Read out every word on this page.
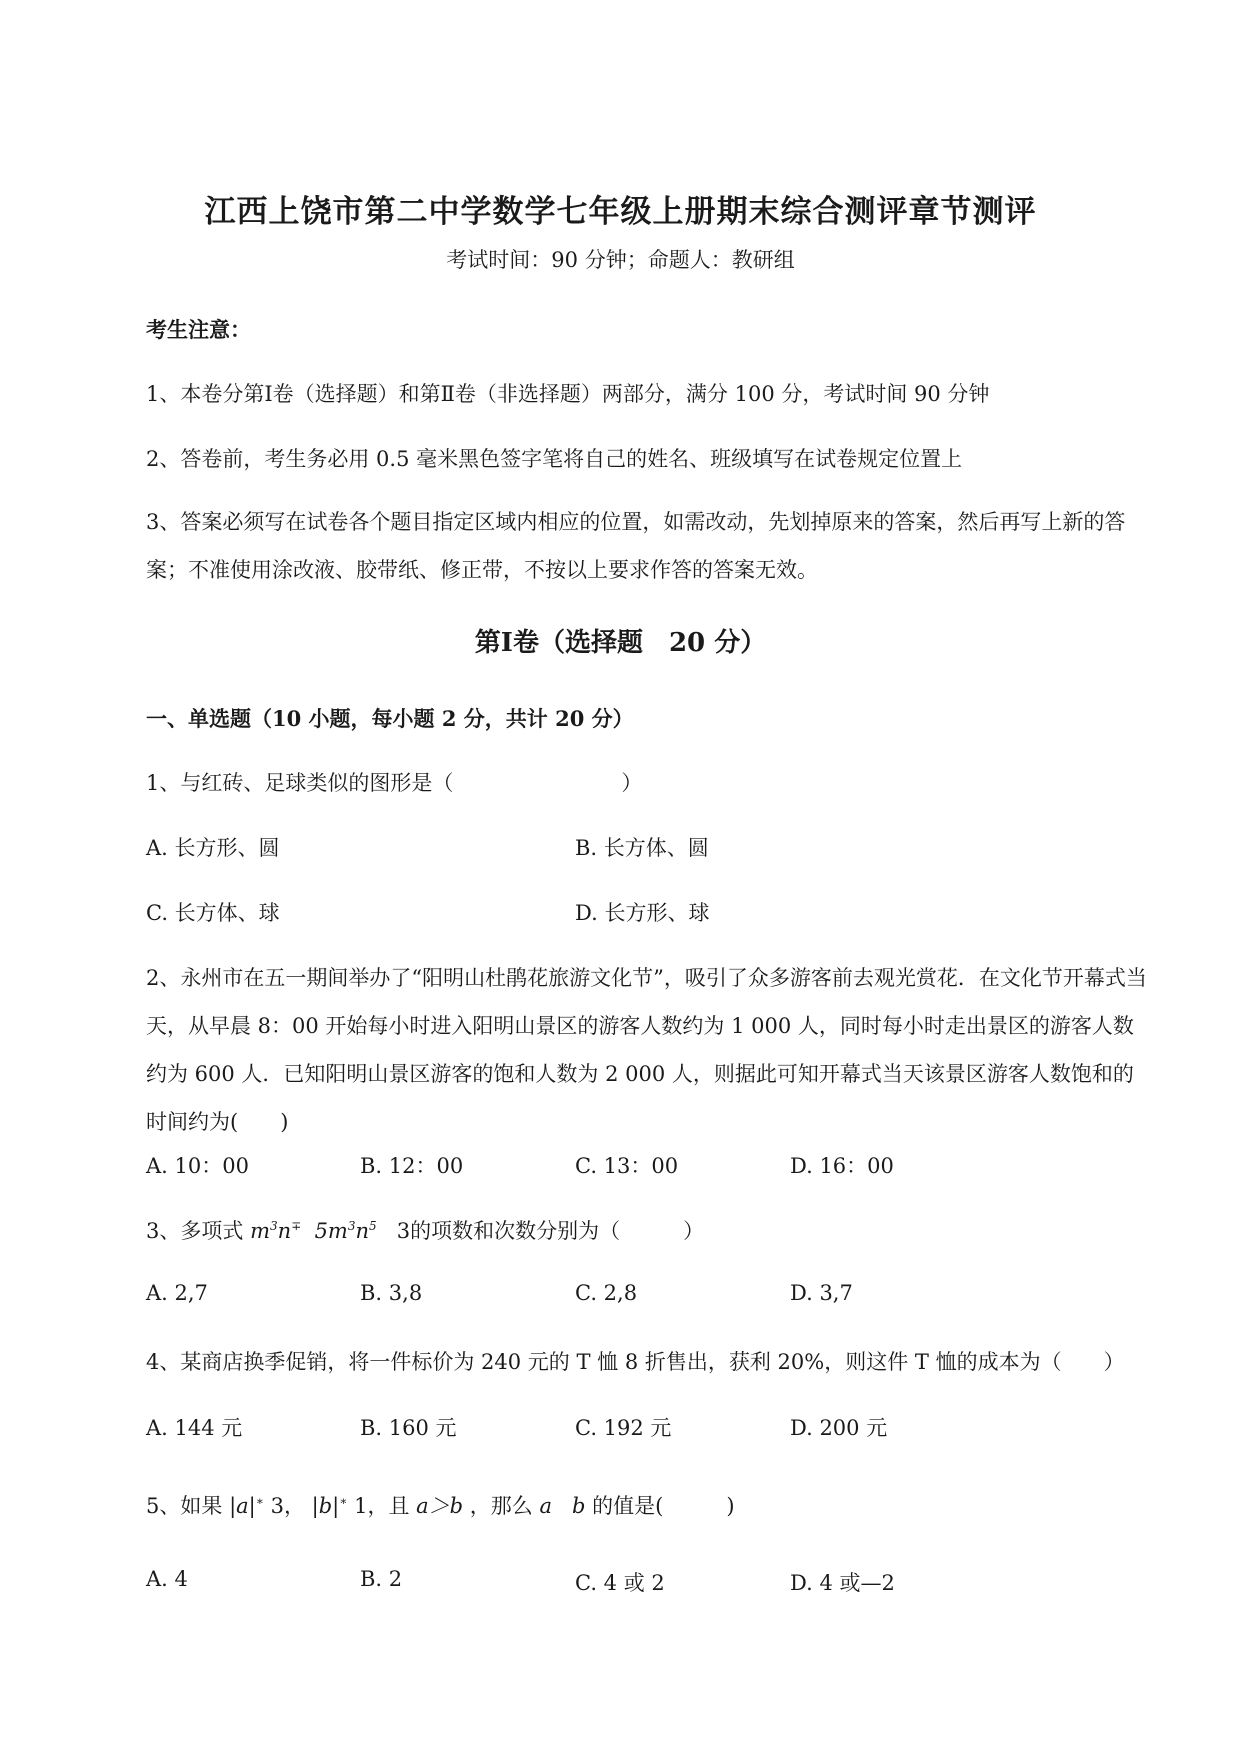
江西上饶市第二中学数学七年级上册期末综合测评章节测评
考试时间：90 分钟；命题人：教研组
考生注意：
1、本卷分第Ⅰ卷（选择题）和第Ⅱ卷（非选择题）两部分，满分 100 分，考试时间 90 分钟
2、答卷前，考生务必用 0.5 毫米黑色签字笔将自己的姓名、班级填写在试卷规定位置上
3、答案必须写在试卷各个题目指定区域内相应的位置，如需改动，先划掉原来的答案，然后再写上新的答案；不准使用涂改液、胶带纸、修正带，不按以上要求作答的答案无效。
第Ⅰ卷（选择题　20 分）
一、单选题（10 小题，每小题 2 分，共计 20 分）
1、与红砖、足球类似的图形是（　　　　　　　　）
A. 长方形、圆	B. 长方体、圆
C. 长方体、球	D. 长方形、球
2、永州市在五一期间举办了“阳明山杜鹃花旅游文化节”，吸引了众多游客前去观光赏花．在文化节开幕式当天，从早晨 8：00 开始每小时进入阳明山景区的游客人数约为 1 000 人，同时每小时走出景区的游客人数约为 600 人．已知阳明山景区游客的饱和人数为 2 000 人，则据此可知开幕式当天该景区游客人数饱和的时间约为(　　)
A. 10：00	B. 12：00	C. 13：00	D. 16：00
3、多项式 $m^3n^\mp$  $5m^3n^5$ 3的项数和次数分别为（　　　）
A. 2,7	B. 3,8	C. 2,8	D. 3,7
4、某商店换季促销，将一件标价为 240 元的 T 恤 8 折售出，获利 20%，则这件 T 恤的成本为（　　）
A. 144 元	B. 160 元	C. 192 元	D. 200 元
5、如果 |a|∗ 3， |b|∗ 1，且 a＞b ，那么 a   b 的值是(　　　)
A. 4	B. 2	C. 4 或 2	D. 4 或—2
